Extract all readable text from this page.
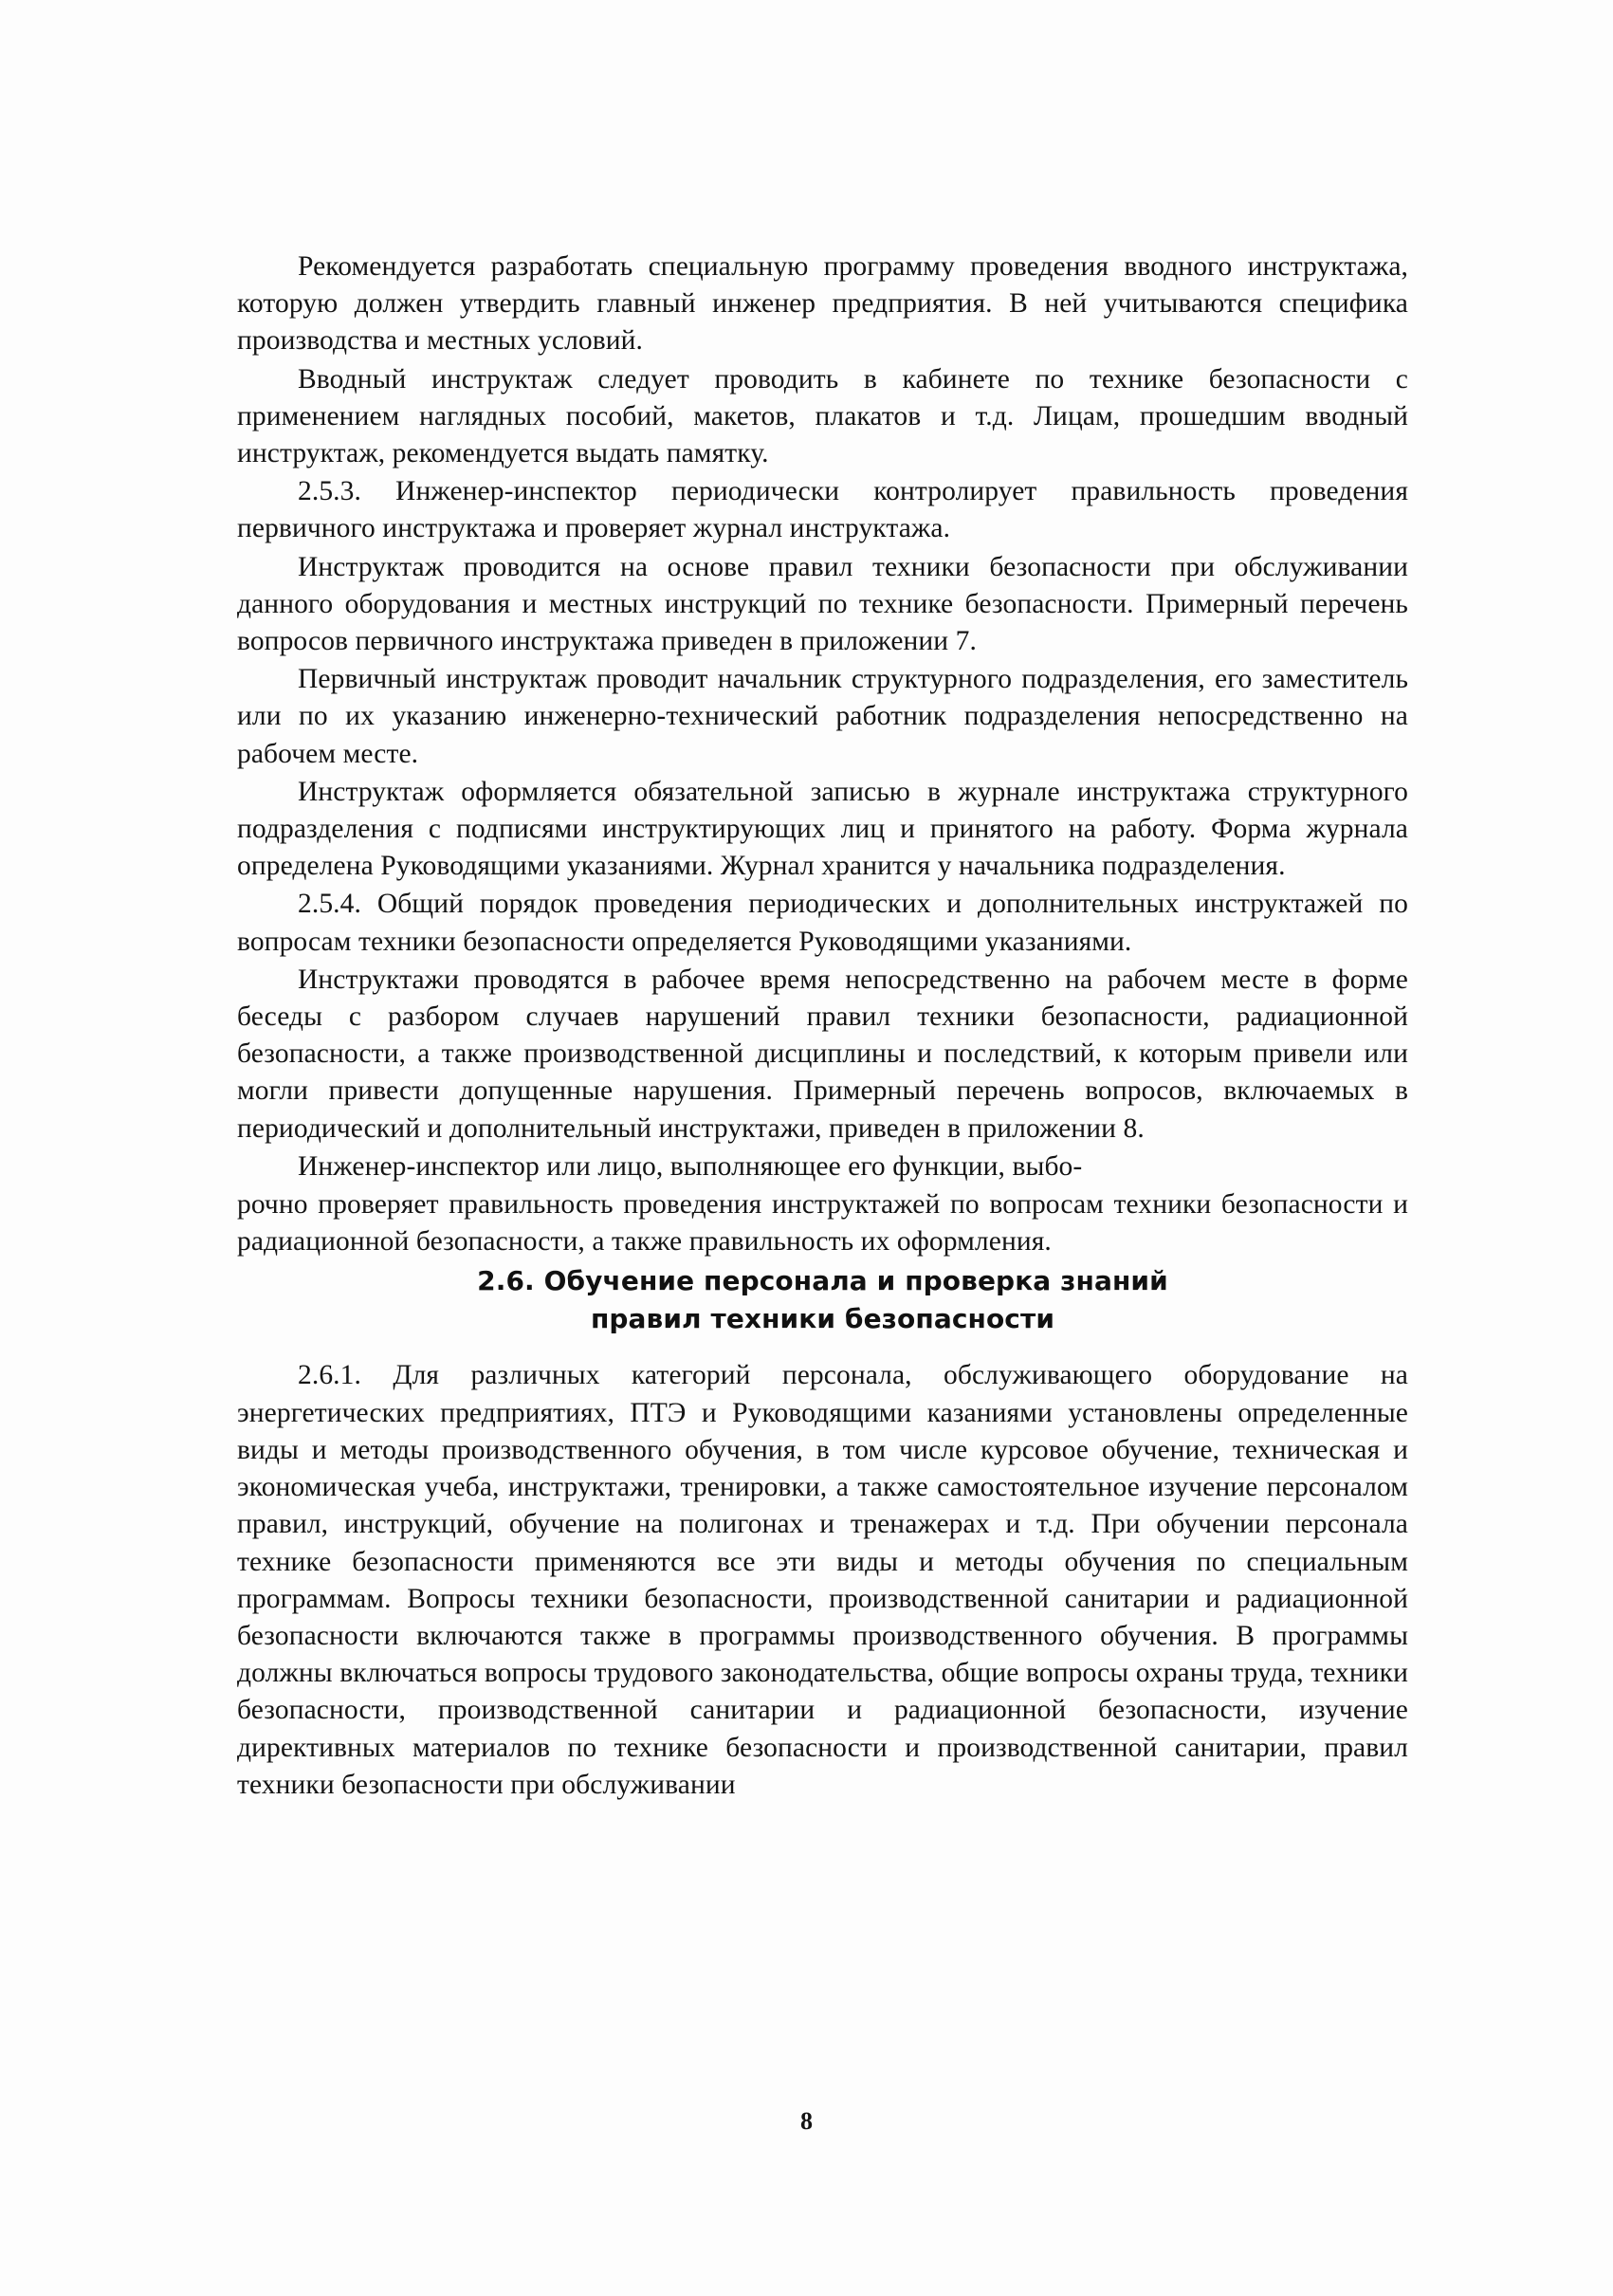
Рекомендуется разработать специальную программу проведения вводного инструктажа, которую должен утвердить главный инженер предприятия. В ней учитываются специфика производства и местных условий.

Вводный инструктаж следует проводить в кабинете по технике безопасности с применением наглядных пособий, макетов, плакатов и т.д. Лицам, прошедшим вводный инструктаж, рекомендуется выдать памятку.

2.5.3. Инженер-инспектор периодически контролирует правильность проведения первичного инструктажа и проверяет журнал инструктажа.

Инструктаж проводится на основе правил техники безопасности при обслуживании данного оборудования и местных инструкций по технике безопасности. Примерный перечень вопросов первичного инструктажа приведен в приложении 7.

Первичный инструктаж проводит начальник структурного подразделения, его заместитель или по их указанию инженерно-технический работник подразделения непосредственно на рабочем месте.

Инструктаж оформляется обязательной записью в журнале инструктажа структурного подразделения с подписями инструктирующих лиц и принятого на работу. Форма журнала определена Руководящими указаниями. Журнал хранится у начальника подразделения.

2.5.4. Общий порядок проведения периодических и дополнительных инструктажей по вопросам техники безопасности определяется Руководящими указаниями.

Инструктажи проводятся в рабочее время непосредственно на рабочем месте в форме беседы с разбором случаев нарушений правил техники безопасности, радиационной безопасности, а также производственной дисциплины и последствий, к которым привели или могли привести допущенные нарушения. Примерный перечень вопросов, включаемых в периодический и дополнительный инструктажи, приведен в приложении 8.

Инженер-инспектор или лицо, выполняющее его функции, выбо-

рочно проверяет правильность проведения инструктажей по вопросам техники безопасности и радиационной безопасности, а также правильность их оформления.

2.6. Обучение персонала и проверка знаний
правил техники безопасности

2.6.1. Для различных категорий персонала, обслуживающего оборудование на энергетических предприятиях, ПТЭ и Руководящими казаниями установлены определенные виды и методы производственного обучения, в том числе курсовое обучение, техническая и экономическая учеба, инструктажи, тренировки, а также самостоятельное изучение персоналом правил, инструкций, обучение на полигонах и тренажерах и т.д. При обучении персонала технике безопасности применяются все эти виды и методы обучения по специальным программам. Вопросы техники безопасности, производственной санитарии и радиационной безопасности включаются также в программы производственного обучения. В программы должны включаться вопросы трудового законодательства, общие вопросы охраны труда, техники безопасности, производственной санитарии и радиационной безопасности, изучение директивных материалов по технике безопасности и производственной санитарии, правил техники безопасности при обслуживании

8
